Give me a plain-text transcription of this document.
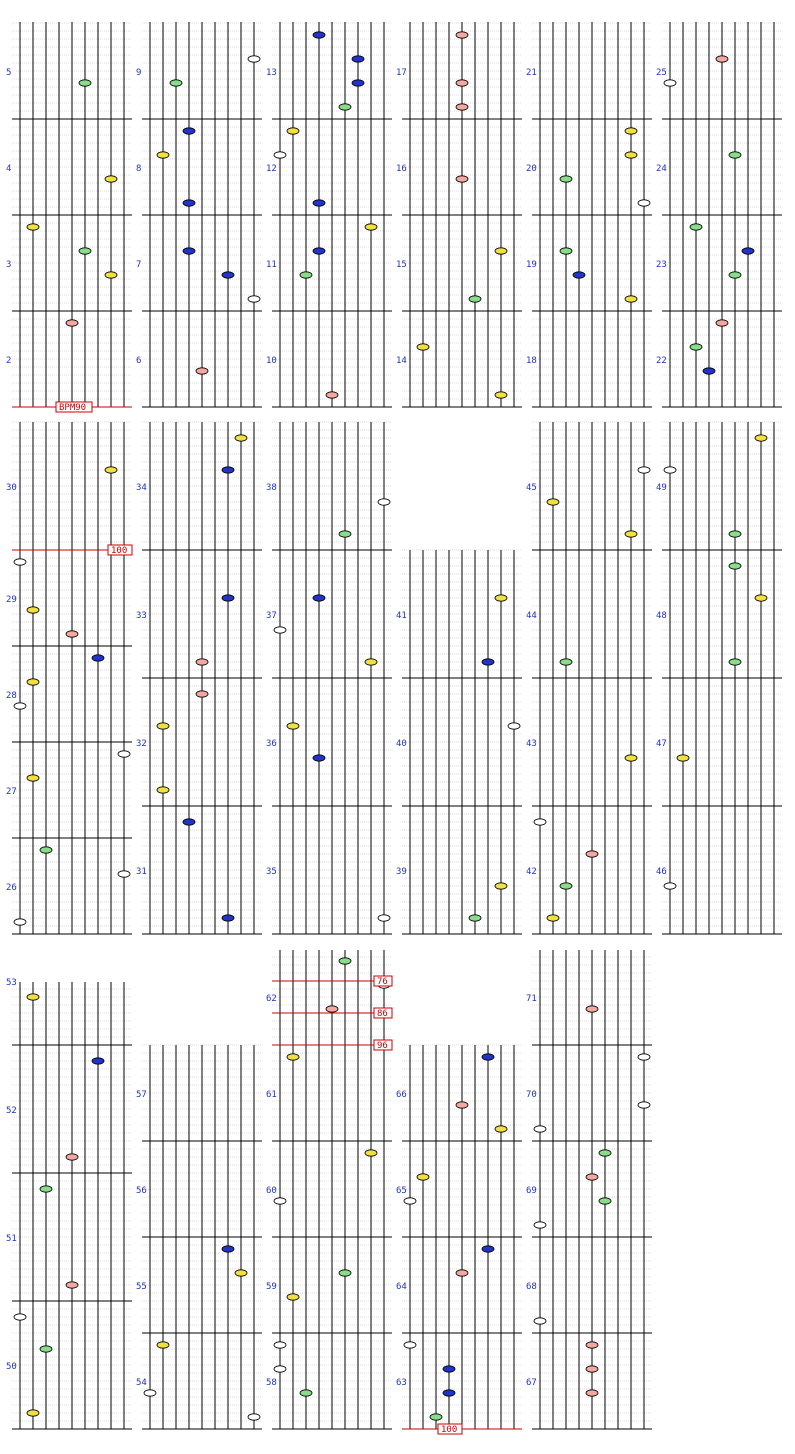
5
4
3
2
9
8
7
6
13
12
11
10
17
16
15
14
21
20
19
18
25
24
23
22
30
29
28
27
26
34
33
32
31
38
37
36
35
41
40
39
45
44
43
42
49
48
47
46
53
52
51
50
57
56
55
54
62
61
60
59
58
66
65
64
63
71
70
69
68
67
BPM90
100
76
86
96
100
